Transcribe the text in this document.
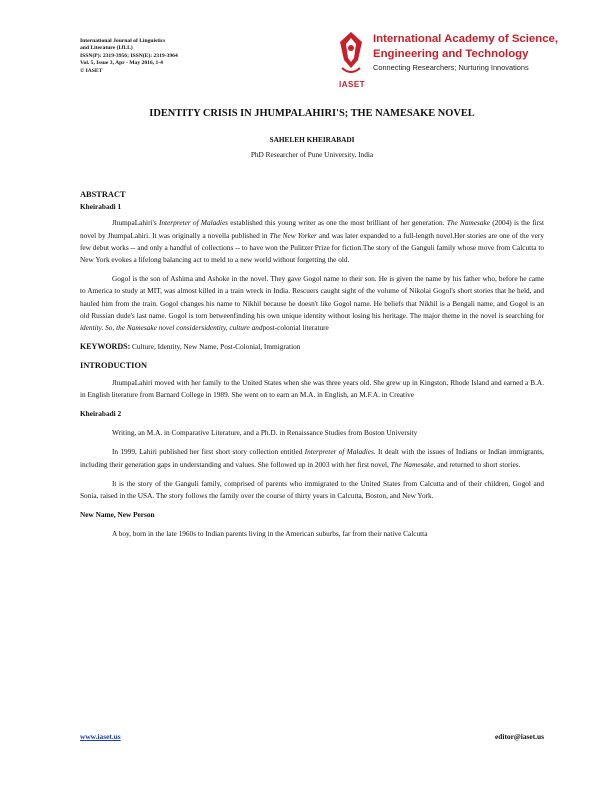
International Journal of Linguistics
and Literature (IJLL)
ISSN(P): 2319-3956; ISSN(E): 2319-3964
Vol. 5, Issue 3, Apr - May 2016, 1-4
© IASET
IASET
International Academy of Science,
Engineering and Technology
Connecting Researchers; Nurturing Innovations
IDENTITY CRISIS IN JHUMPALAHIRI'S; THE NAMESAKE NOVEL
SAHELEH KHEIRABADI
PhD Researcher of Pune University, India

ABSTRACT

Kheirabadi 1

JhumpaLahiri's Interpreter of Maladies established this young writer as one the most brilliant of her generation. The Namesake (2004) is the first novel by JhumpaLahiri. It was originally a novella published in The New Yorker and was later expanded to a full-length novel.Her stories are one of the very few debut works -- and only a handful of collections -- to have won the Pulitzer Prize for fiction.The story of the Ganguli family whose move from Calcutta to New York evokes a lifelong balancing act to meld to a new world without forgetting the old.

Gogol is the son of Ashima and Ashoke in the novel. They gave Gogol name to their son. He is given the name by his father who, before he came to America to study at MIT, was almost killed in a train wreck in India. Rescuers caught sight of the volume of Nikolai Gogol's short stories that he held, and hauled him from the train. Gogol changes his name to Nikhil because he doesn't like Gogol name. He beliefs that Nikhil is a Bengali name, and Gogol is an old Russian dude's last name. Gogol is torn betweenfinding his own unique identity without losing his heritage. The major theme in the novel is searching for identity. So, the Namesake novel considersidentity, culture andpost-colonial literature

KEYWORDS: Culture, Identity, New Name, Post-Colonial, Immigration

INTRODUCTION

JhumpaLahiri moved with her family to the United States when she was three years old. She grew up in Kingston, Rhode Island and earned a B.A. in English literature from Barnard College in 1989. She went on to earn an M.A. in English, an M.F.A. in Creative

Kheirabadi 2

Writing, an M.A. in Comparative Literature, and a Ph.D. in Renaissance Studies from Boston University

In 1999, Lahiri published her first short story collection entitled Interpreter of Maladies. It dealt with the issues of Indians or Indian immigrants, including their generation gaps in understanding and values. She followed up in 2003 with her first novel, The Namesake, and returned to short stories.

It is the story of the Ganguli family, comprised of parents who immigrated to the United States from Calcutta and of their children, Gogol and Sonia, raised in the USA. The story follows the family over the course of thirty years in Calcutta, Boston, and New York.

New Name, New Person

A boy, born in the late 1960s to Indian parents living in the American suburbs, far from their native Calcutta

www.iaset.us	editor@iaset.us
